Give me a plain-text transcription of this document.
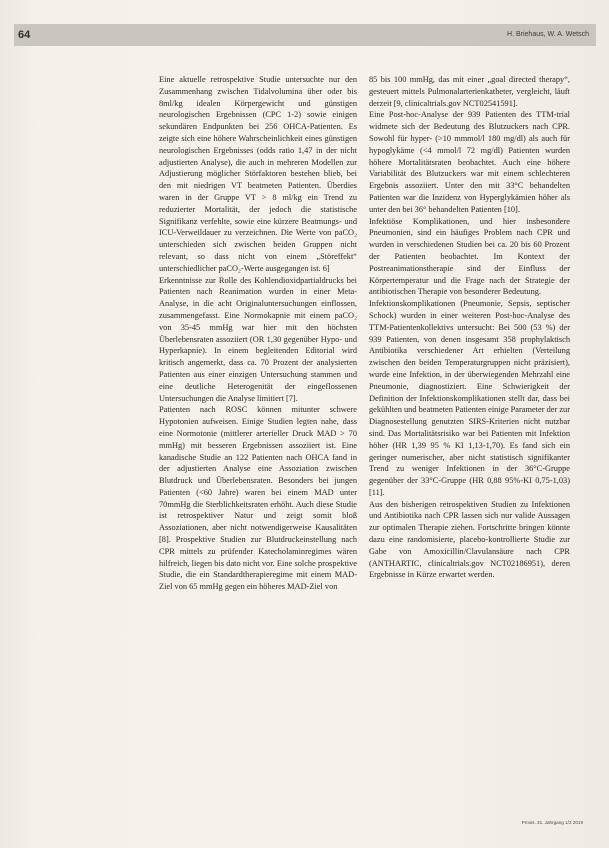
64	H. Briehaus, W. A. Wetsch

Eine aktuelle retrospektive Studie untersuchte nur den Zusammenhang zwischen Tidalvolumina über oder bis 8ml/kg idealen Körpergewicht und günstigen neurologischen Ergebnissen (CPC 1-2) sowie einigen sekundären Endpunkten bei 256 OHCA-Patienten. Es zeigte sich eine höhere Wahrscheinlichkeit eines günstigen neurologischen Ergebnisses (odds ratio 1,47 in der nicht adjustierten Analyse), die auch in mehreren Modellen zur Adjustierung möglicher Störfaktoren bestehen blieb, bei den mit niedrigen VT beatmeten Patienten. Überdies waren in der Gruppe VT > 8 ml/kg ein Trend zu reduzierter Mortalität, der jedoch die statistische Signifikanz verfehlte, sowie eine kürzere Beatmungs- und ICU-Verweildauer zu verzeichnen. Die Werte von paCO₂ unterschieden sich zwischen beiden Gruppen nicht relevant, so dass nicht von einem „Störeffekt“ unterschiedlicher paCO₂-Werte ausgegangen ist. 6]

Erkenntnisse zur Rolle des Kohlendioxidpartialdrucks bei Patienten nach Reanimation wurden in einer Meta-Analyse, in die acht Originaluntersuchungen einflossen, zusammengefasst. Eine Normokapnie mit einem paCO₂ von 35-45 mmHg war hier mit den höchsten Überlebensraten assoziiert (OR 1,30 gegenüber Hypo- und Hyperkapnie). In einem begleitenden Editorial wird kritisch angemerkt, dass ca. 70 Prozent der analysierten Patienten aus einer einzigen Untersuchung stammen und eine deutliche Heterogenität der eingeflossenen Untersuchungen die Analyse limitiert [7].

Patienten nach ROSC können mitunter schwere Hypotonien aufweisen. Einige Studien legten nahe, dass eine Normotonie (mittlerer arterieller Druck MAD > 70 mmHg) mit besseren Ergebnissen assoziiert ist. Eine kanadische Studie an 122 Patienten nach OHCA fand in der adjustierten Analyse eine Assoziation zwischen Blutdruck und Überlebensraten. Besonders bei jungen Patienten (<60 Jahre) waren bei einem MAD unter 70mmHg die Sterblichkeitsraten erhöht. Auch diese Studie ist retrospektiver Natur und zeigt somit bloß Assoziationen, aber nicht notwendigerweise Kausalitäten [8]. Prospektive Studien zur Blutdruckeinstellung nach CPR mittels zu prüfender Katecholaminregimes wären hilfreich, liegen bis dato nicht vor. Eine solche prospektive Studie, die ein Standardtherapieregime mit einem MAD-Ziel von 65 mmHg gegen ein höheres MAD-Ziel von

85 bis 100 mmHg, das mit einer „goal directed therapy“, gesteuert mittels Pulmonalarterienkatheter, vergleicht, läuft derzeit [9, clinicaltrials.gov NCT02541591].

Eine Post-hoc-Analyse der 939 Patienten des TTM-trial widmete sich der Bedeutung des Blutzuckers nach CPR. Sowohl für hyper- (>10 mmmol/l 180 mg/dl) als auch für hypoglykäme (<4 mmol/l 72 mg/dl) Patienten wurden höhere Mortalitätsraten beobachtet. Auch eine höhere Variabilität des Blutzuckers war mit einem schlechteren Ergebnis assoziiert. Unter den mit 33°C behandelten Patienten war die Inzidenz von Hyperglykämien höher als unter den bei 36° behandelten Patienten [10].

Infektiöse Komplikationen, und hier insbesondere Pneumonien, sind ein häufiges Problem nach CPR und wurden in verschiedenen Studien bei ca. 20 bis 60 Prozent der Patienten beobachtet. Im Kontext der Postreanimationstherapie sind der Einfluss der Körpertemperatur und die Frage nach der Strategie der antibiotischen Therapie von besonderer Bedeutung.

Infektionskomplikationen (Pneumonie, Sepsis, septischer Schock) wurden in einer weiteren Post-hoc-Analyse des TTM-Patientenkollektivs untersucht: Bei 500 (53 %) der 939 Patienten, von denen insgesamt 358 prophylaktisch Antibiotika verschiedener Art erhielten (Verteilung zwischen den beiden Temperaturgruppen nicht präzisiert), wurde eine Infektion, in der überwiegenden Mehrzahl eine Pneumonie, diagnostiziert. Eine Schwierigkeit der Definition der Infektionskomplikationen stellt dar, dass bei gekühlten und beatmeten Patienten einige Parameter der zur Diagnosestellung genutzten SIRS-Kriterien nicht nutzbar sind. Das Mortalitätsrisiko war bei Patienten mit Infektion höher (HR 1,39 95 % KI 1,13-1,70). Es fand sich ein geringer numerischer, aber nicht statistisch signifikanter Trend zu weniger Infektionen in der 36°C-Gruppe gegenüber der 33°C-Gruppe (HR 0,88 95%-KI 0,75-1,03) [11].

Aus den bisherigen retrospektiven Studien zu Infektionen und Antibiotika nach CPR lassen sich nur valide Aussagen zur optimalen Therapie ziehen. Fortschritte bringen könnte dazu eine randomisierte, placebo-kontrollierte Studie zur Gabe von Amoxicillin/Clavulansäure nach CPR (ANTHARTIC, clinicaltrials.gov NCT02186951), deren Ergebnisse in Kürze erwartet werden.

Proxis. 31. Jahrgang 1/2 2019
